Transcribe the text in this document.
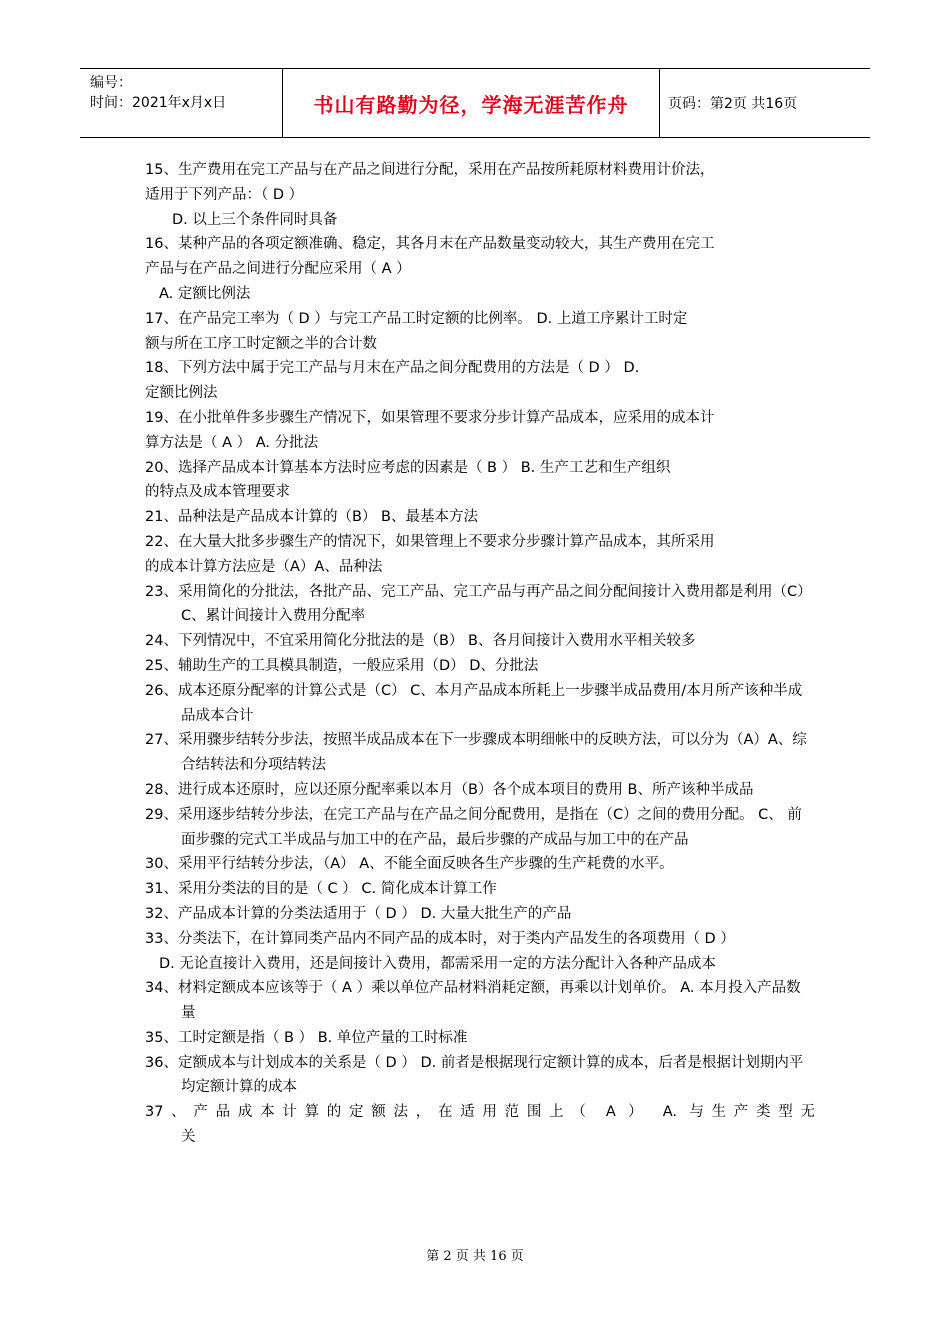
编号：
时间：2021年x月x日	书山有路勤为径，学海无涯苦作舟	页码：第2页 共16页

15、生产费用在完工产品与在产品之间进行分配，采用在产品按所耗原材料费用计价法，
适用于下列产品：（ D ）

D. 以上三个条件同时具备

16、某种产品的各项定额准确、稳定，其各月末在产品数量变动较大，其生产费用在完工
产品与在产品之间进行分配应采用（ A ）

A. 定额比例法

17、在产品完工率为（ D ）与完工产品工时定额的比例率。 D. 上道工序累计工时定
额与所在工序工时定额之半的合计数

18、下列方法中属于完工产品与月末在产品之间分配费用的方法是（ D ） D.
定额比例法

19、在小批单件多步骤生产情况下，如果管理不要求分步计算产品成本，应采用的成本计
算方法是（ A ） A. 分批法

20、选择产品成本计算基本方法时应考虑的因素是（ B ） B. 生产工艺和生产组织
的特点及成本管理要求

21、品种法是产品成本计算的（B） B、最基本方法

22、在大量大批多步骤生产的情况下，如果管理上不要求分步骤计算产品成本，其所采用
的成本计算方法应是（A）A、品种法

23、采用简化的分批法，各批产品、完工产品、完工产品与再产品之间分配间接计入费用都是利用（C）C、累计间接计入费用分配率

24、下列情况中，不宜采用简化分批法的是（B） B、各月间接计入费用水平相关较多

25、辅助生产的工具模具制造，一般应采用（D） D、分批法

26、成本还原分配率的计算公式是（C） C、本月产品成本所耗上一步骤半成品费用/本月所产该种半成品成本合计

27、采用骤步结转分步法，按照半成品成本在下一步骤成本明细帐中的反映方法，可以分为（A）A、综合结转法和分项结转法

28、进行成本还原时，应以还原分配率乘以本月（B）各个成本项目的费用 B、所产该种半成品

29、采用逐步结转分步法，在完工产品与在产品之间分配费用，是指在（C）之间的费用分配。 C、 前面步骤的完式工半成品与加工中的在产品，最后步骤的产成品与加工中的在产品

30、采用平行结转分步法，（A） A、不能全面反映各生产步骤的生产耗费的水平。

31、采用分类法的目的是（ C ） C. 简化成本计算工作

32、产品成本计算的分类法适用于（ D ） D. 大量大批生产的产品

33、分类法下，在计算同类产品内不同产品的成本时，对于类内产品发生的各项费用（ D ）

D. 无论直接计入费用，还是间接计入费用，都需采用一定的方法分配计入各种产品成本

34、材料定额成本应该等于（ A ）乘以单位产品材料消耗定额，再乘以计划单价。 A. 本月投入产品数量

35、工时定额是指（ B ） B. 单位产量的工时标准

36、定额成本与计划成本的关系是（ D ） D. 前者是根据现行定额计算的成本，后者是根据计划期内平均定额计算的成本

37、产品成本计算的定额法，在适用范围上（ A ） A. 与生产类型无
关

第 2 页 共 16 页
